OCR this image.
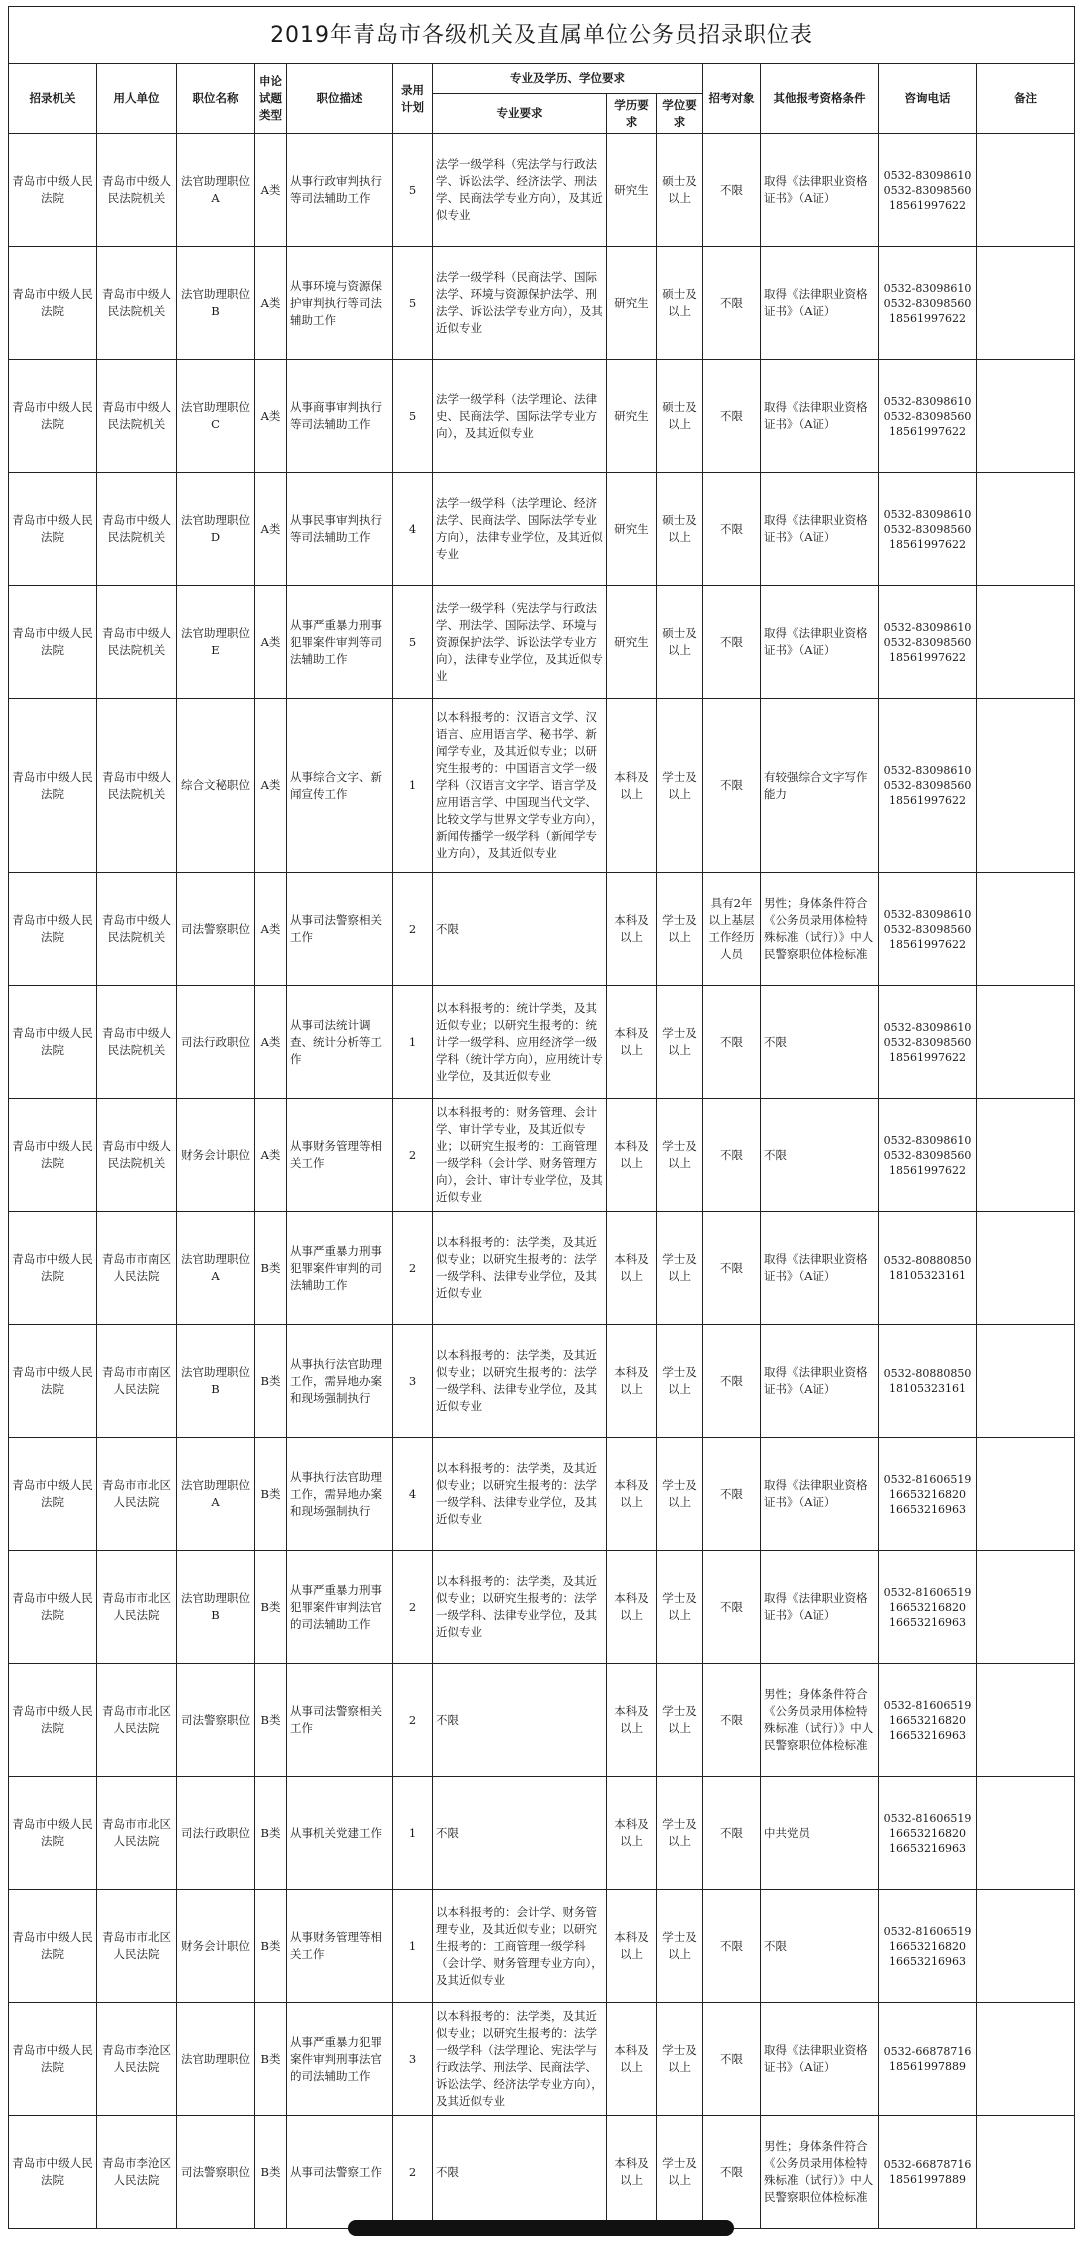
2019年青岛市各级机关及直属单位公务员招录职位表												
招录机关	用人单位	职位名称	申论试题类型	职位描述	录用计划	专业及学历、学位要求			招考对象	其他报考资格条件	咨询电话	备注
						专业要求	学历要求	学位要求				
青岛市中级人民法院	青岛市中级人民法院机关	法官助理职位A	A类	从事行政审判执行等司法辅助工作	5	法学一级学科（宪法学与行政法学、诉讼法学、经济法学、刑法学、民商法学专业方向），及其近似专业	研究生	硕士及以上	不限	取得《法律职业资格证书》（A证）	0532-83098610
0532-83098560
18561997622	

青岛市中级人民法院	青岛市中级人民法院机关	法官助理职位B	A类	从事环境与资源保护审判执行等司法辅助工作	5	法学一级学科（民商法学、国际法学、环境与资源保护法学、刑法学、诉讼法学专业方向），及其近似专业	研究生	硕士及以上	不限	取得《法律职业资格证书》（A证）	0532-83098610
0532-83098560
18561997622	

青岛市中级人民法院	青岛市中级人民法院机关	法官助理职位C	A类	从事商事审判执行等司法辅助工作	5	法学一级学科（法学理论、法律史、民商法学、国际法学专业方向），及其近似专业	研究生	硕士及以上	不限	取得《法律职业资格证书》（A证）	0532-83098610
0532-83098560
18561997622	

青岛市中级人民法院	青岛市中级人民法院机关	法官助理职位D	A类	从事民事审判执行等司法辅助工作	4	法学一级学科（法学理论、经济法学、民商法学、国际法学专业方向），法律专业学位，及其近似专业	研究生	硕士及以上	不限	取得《法律职业资格证书》（A证）	0532-83098610
0532-83098560
18561997622	

青岛市中级人民法院	青岛市中级人民法院机关	法官助理职位E	A类	从事严重暴力刑事犯罪案件审判等司法辅助工作	5	法学一级学科（宪法学与行政法学、刑法学、国际法学、环境与资源保护法学、诉讼法学专业方向），法律专业学位，及其近似专业	研究生	硕士及以上	不限	取得《法律职业资格证书》（A证）	0532-83098610
0532-83098560
18561997622	

青岛市中级人民法院	青岛市中级人民法院机关	综合文秘职位	A类	从事综合文字、新闻宣传工作	1	以本科报考的：汉语言文学、汉语言、应用语言学、秘书学、新闻学专业，及其近似专业；以研究生报考的：中国语言文学一级学科（汉语言文字学、语言学及应用语言学、中国现当代文学、比较文学与世界文学专业方向），新闻传播学一级学科（新闻学专业方向），及其近似专业	本科及以上	学士及以上	不限	有较强综合文字写作能力	0532-83098610
0532-83098560
18561997622	

青岛市中级人民法院	青岛市中级人民法院机关	司法警察职位	A类	从事司法警察相关工作	2	不限	本科及以上	学士及以上	具有2年以上基层工作经历人员	男性；身体条件符合《公务员录用体检特殊标准（试行）》中人民警察职位体检标准	0532-83098610
0532-83098560
18561997622	

青岛市中级人民法院	青岛市中级人民法院机关	司法行政职位	A类	从事司法统计调查、统计分析等工作	1	以本科报考的：统计学类，及其近似专业；以研究生报考的：统计学一级学科、应用经济学一级学科（统计学方向），应用统计专业学位，及其近似专业	本科及以上	学士及以上	不限	不限	0532-83098610
0532-83098560
18561997622	

青岛市中级人民法院	青岛市中级人民法院机关	财务会计职位	A类	从事财务管理等相关工作	2	以本科报考的：财务管理、会计学、审计学专业，及其近似专业；以研究生报考的：工商管理一级学科（会计学、财务管理方向），会计、审计专业学位，及其近似专业	本科及以上	学士及以上	不限	不限	0532-83098610
0532-83098560
18561997622	

青岛市中级人民法院	青岛市市南区人民法院	法官助理职位A	B类	从事严重暴力刑事犯罪案件审判的司法辅助工作	2	以本科报考的：法学类，及其近似专业；以研究生报考的：法学一级学科、法律专业学位，及其近似专业	本科及以上	学士及以上	不限	取得《法律职业资格证书》（A证）	0532-80880850
18105323161	

青岛市中级人民法院	青岛市市南区人民法院	法官助理职位B	B类	从事执行法官助理工作，需异地办案和现场强制执行	3	以本科报考的：法学类，及其近似专业；以研究生报考的：法学一级学科、法律专业学位，及其近似专业	本科及以上	学士及以上	不限	取得《法律职业资格证书》（A证）	0532-80880850
18105323161	

青岛市中级人民法院	青岛市市北区人民法院	法官助理职位A	B类	从事执行法官助理工作，需异地办案和现场强制执行	4	以本科报考的：法学类，及其近似专业；以研究生报考的：法学一级学科、法律专业学位，及其近似专业	本科及以上	学士及以上	不限	取得《法律职业资格证书》（A证）	0532-81606519
16653216820
16653216963	

青岛市中级人民法院	青岛市市北区人民法院	法官助理职位B	B类	从事严重暴力刑事犯罪案件审判法官的司法辅助工作	2	以本科报考的：法学类，及其近似专业；以研究生报考的：法学一级学科、法律专业学位，及其近似专业	本科及以上	学士及以上	不限	取得《法律职业资格证书》（A证）	0532-81606519
16653216820
16653216963	

青岛市中级人民法院	青岛市市北区人民法院	司法警察职位	B类	从事司法警察相关工作	2	不限	本科及以上	学士及以上	不限	男性；身体条件符合《公务员录用体检特殊标准（试行）》中人民警察职位体检标准	0532-81606519
16653216820
16653216963	

青岛市中级人民法院	青岛市市北区人民法院	司法行政职位	B类	从事机关党建工作	1	不限	本科及以上	学士及以上	不限	中共党员	0532-81606519
16653216820
16653216963	

青岛市中级人民法院	青岛市市北区人民法院	财务会计职位	B类	从事财务管理等相关工作	1	以本科报考的：会计学、财务管理专业，及其近似专业；以研究生报考的：工商管理一级学科（会计学、财务管理专业方向），及其近似专业	本科及以上	学士及以上	不限	不限	0532-81606519
16653216820
16653216963	

青岛市中级人民法院	青岛市李沧区人民法院	法官助理职位	B类	从事严重暴力犯罪案件审判刑事法官的司法辅助工作	3	以本科报考的：法学类，及其近似专业；以研究生报考的：法学一级学科（法学理论、宪法学与行政法学、刑法学、民商法学、诉讼法学、经济法学专业方向），及其近似专业	本科及以上	学士及以上	不限	取得《法律职业资格证书》（A证）	0532-66878716
18561997889	

青岛市中级人民法院	青岛市李沧区人民法院	司法警察职位	B类	从事司法警察工作	2	不限	本科及以上	学士及以上	不限	男性；身体条件符合《公务员录用体检特殊标准（试行）》中人民警察职位体检标准	0532-66878716
18561997889	
